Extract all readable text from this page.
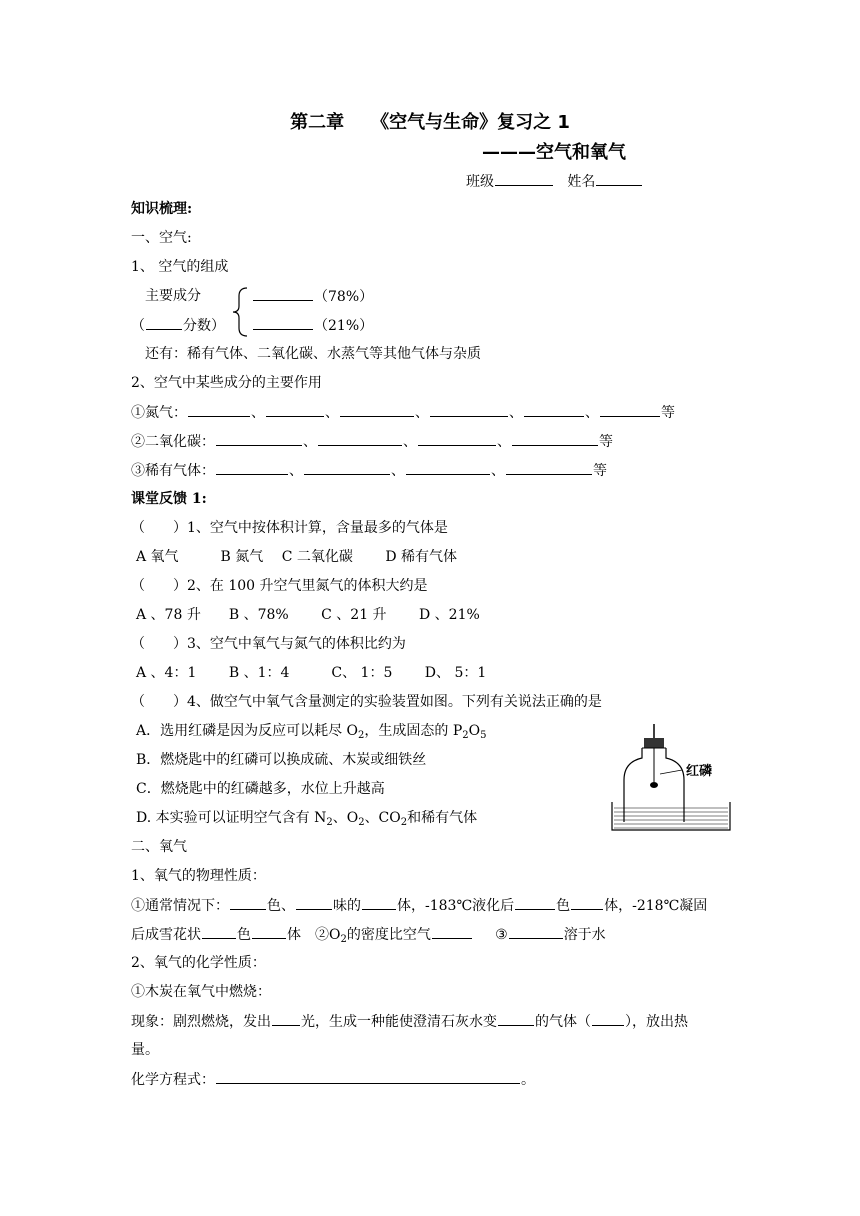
第二章　　《空气与生命》复习之 1
———空气和氧气
班级	姓名
知识梳理:
一、空气:
1、 空气的组成
主要成分
（	分数）
（78%）
（21%）
还有：稀有气体、二氧化碳、水蒸气等其他气体与杂质
2、空气中某些成分的主要作用
①氮气：	、	、	、	、	、	等
②二氧化碳：	、	、	、	等
③稀有气体：	、	、	、	等
课堂反馈 1:
（　　）1、空气中按体积计算，含量最多的气体是
A 氧气　　　B 氮气　 C 二氧化碳　　 D 稀有气体
（　　）2、在 100 升空气里氮气的体积大约是
A 、78 升　　B 、78%　　 C 、21 升　　 D 、21%
（　　）3、空气中氧气与氮气的体积比约为
A 、4：1　　 B 、1：4　　　C、 1：5　　 D、 5：1
（　　）4、做空气中氧气含量测定的实验装置如图。下列有关说法正确的是
A．选用红磷是因为反应可以耗尽 $O_2$，生成固态的 $P_2O_5$
B．燃烧匙中的红磷可以换成硫、木炭或细铁丝
C．燃烧匙中的红磷越多，水位上升越高
D. 本实验可以证明空气含有 $N_2$、$O_2$、$CO_2$和稀有气体
红磷
二、氧气
1、氧气的物理性质：
①通常情况下：	色、	味的	体，-183℃液化后	色 体，-218℃凝固
后成雪花状	色	体　$②O_2$的密度比空气	③	溶于水
2、氧气的化学性质：
①木炭在氧气中燃烧：
现象：剧烈燃烧，发出 光，生成一种能使澄清石灰水变	的气体（ ），放出热
量。
化学方程式：	。
